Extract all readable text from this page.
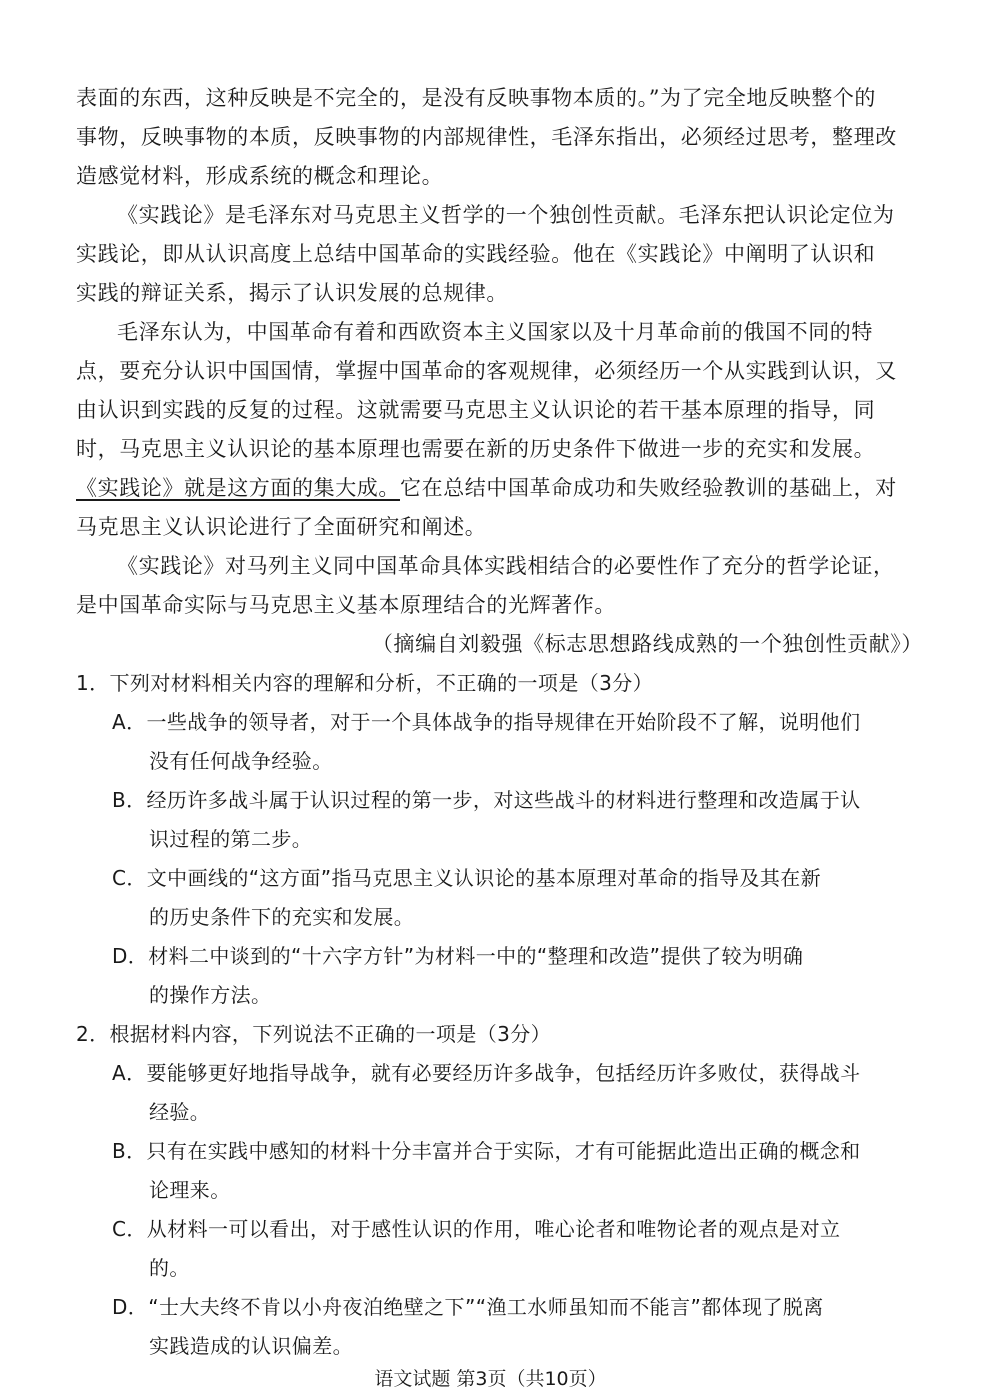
表面的东西，这种反映是不完全的，是没有反映事物本质的。”为了完全地反映整个的
事物，反映事物的本质，反映事物的内部规律性，毛泽东指出，必须经过思考，整理改
造感觉材料，形成系统的概念和理论。
《实践论》是毛泽东对马克思主义哲学的一个独创性贡献。毛泽东把认识论定位为
实践论，即从认识高度上总结中国革命的实践经验。他在《实践论》中阐明了认识和
实践的辩证关系，揭示了认识发展的总规律。
毛泽东认为，中国革命有着和西欧资本主义国家以及十月革命前的俄国不同的特
点，要充分认识中国国情，掌握中国革命的客观规律，必须经历一个从实践到认识，又
由认识到实践的反复的过程。这就需要马克思主义认识论的若干基本原理的指导，同
时，马克思主义认识论的基本原理也需要在新的历史条件下做进一步的充实和发展。
《实践论》就是这方面的集大成。它在总结中国革命成功和失败经验教训的基础上，对
马克思主义认识论进行了全面研究和阐述。
《实践论》对马列主义同中国革命具体实践相结合的必要性作了充分的哲学论证，
是中国革命实际与马克思主义基本原理结合的光辉著作。
（摘编自刘毅强《标志思想路线成熟的一个独创性贡献》）
1．下列对材料相关内容的理解和分析，不正确的一项是（3分）
A．一些战争的领导者，对于一个具体战争的指导规律在开始阶段不了解，说明他们
没有任何战争经验。
B．经历许多战斗属于认识过程的第一步，对这些战斗的材料进行整理和改造属于认
识过程的第二步。
C．文中画线的“这方面”指马克思主义认识论的基本原理对革命的指导及其在新
的历史条件下的充实和发展。
D．材料二中谈到的“十六字方针”为材料一中的“整理和改造”提供了较为明确
的操作方法。
2．根据材料内容，下列说法不正确的一项是（3分）
A．要能够更好地指导战争，就有必要经历许多战争，包括经历许多败仗，获得战斗
经验。
B．只有在实践中感知的材料十分丰富并合于实际，才有可能据此造出正确的概念和
论理来。
C．从材料一可以看出，对于感性认识的作用，唯心论者和唯物论者的观点是对立
的。
D．“士大夫终不肯以小舟夜泊绝壁之下”“渔工水师虽知而不能言”都体现了脱离
实践造成的认识偏差。
语文试题 第3页（共10页）
